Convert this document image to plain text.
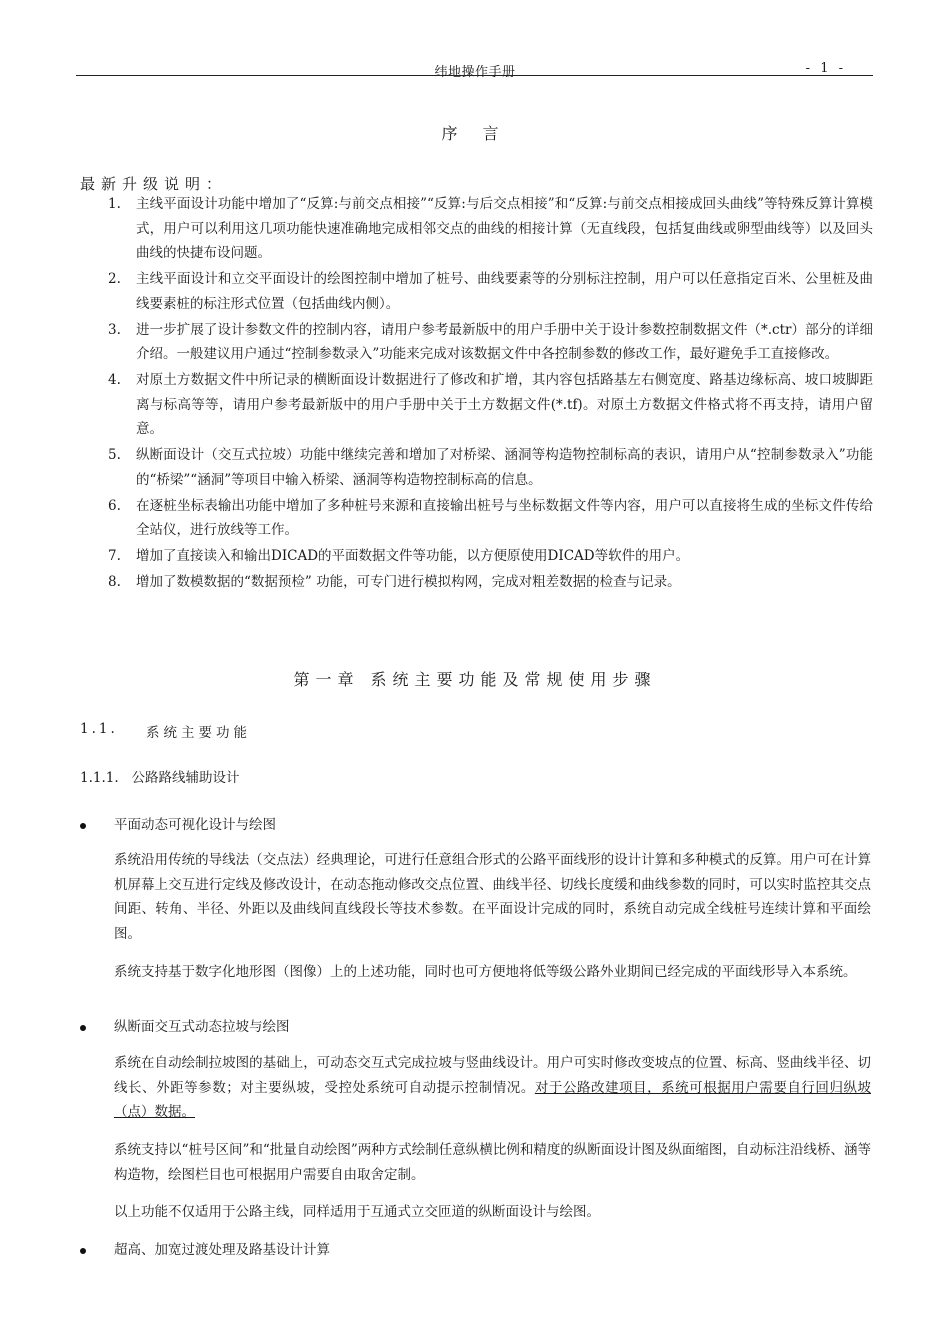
纬地操作手册	- 1 -
序 言
最新升级说明：
1. 主线平面设计功能中增加了“反算:与前交点相接”“反算:与后交点相接”和“反算:与前交点相接成回头曲线”等特殊反算计算模式，用户可以利用这几项功能快速准确地完成相邻交点的曲线的相接计算（无直线段，包括复曲线或卵型曲线等）以及回头曲线的快捷布设问题。
2. 主线平面设计和立交平面设计的绘图控制中增加了桩号、曲线要素等的分别标注控制，用户可以任意指定百米、公里桩及曲线要素桩的标注形式位置（包括曲线内侧）。
3. 进一步扩展了设计参数文件的控制内容，请用户参考最新版中的用户手册中关于设计参数控制数据文件（*.ctr）部分的详细介绍。一般建议用户通过“控制参数录入”功能来完成对该数据文件中各控制参数的修改工作，最好避免手工直接修改。
4. 对原土方数据文件中所记录的横断面设计数据进行了修改和扩增，其内容包括路基左右侧宽度、路基边缘标高、坡口坡脚距离与标高等等，请用户参考最新版中的用户手册中关于土方数据文件(*.tf)。对原土方数据文件格式将不再支持，请用户留意。
5. 纵断面设计（交互式拉坡）功能中继续完善和增加了对桥梁、涵洞等构造物控制标高的表识，请用户从“控制参数录入”功能的“桥梁”“涵洞”等项目中输入桥梁、涵洞等构造物控制标高的信息。
6. 在逐桩坐标表输出功能中增加了多种桩号来源和直接输出桩号与坐标数据文件等内容，用户可以直接将生成的坐标文件传给全站仪，进行放线等工作。
7. 增加了直接读入和输出DICAD的平面数据文件等功能，以方便原使用DICAD等软件的用户。
8. 增加了数模数据的“数据预检” 功能，可专门进行模拟构网，完成对粗差数据的检查与记录。
第一章 系统主要功能及常规使用步骤
1.1. 系统主要功能
1.1.1. 公路路线辅助设计
平面动态可视化设计与绘图
系统沿用传统的导线法（交点法）经典理论，可进行任意组合形式的公路平面线形的设计计算和多种模式的反算。用户可在计算机屏幕上交互进行定线及修改设计，在动态拖动修改交点位置、曲线半径、切线长度缓和曲线参数的同时，可以实时监控其交点间距、转角、半径、外距以及曲线间直线段长等技术参数。在平面设计完成的同时，系统自动完成全线桩号连续计算和平面绘图。
系统支持基于数字化地形图（图像）上的上述功能，同时也可方便地将低等级公路外业期间已经完成的平面线形导入本系统。
纵断面交互式动态拉坡与绘图
系统在自动绘制拉坡图的基础上，可动态交互式完成拉坡与竖曲线设计。用户可实时修改变坡点的位置、标高、竖曲线半径、切线长、外距等参数；对主要纵坡，受控处系统可自动提示控制情况。对于公路改建项目，系统可根据用户需要自行回归纵坡（点）数据。
系统支持以“桩号区间”和“批量自动绘图”两种方式绘制任意纵横比例和精度的纵断面设计图及纵面缩图，自动标注沿线桥、涵等构造物，绘图栏目也可根据用户需要自由取舍定制。
以上功能不仅适用于公路主线，同样适用于互通式立交匝道的纵断面设计与绘图。
超高、加宽过渡处理及路基设计计算
